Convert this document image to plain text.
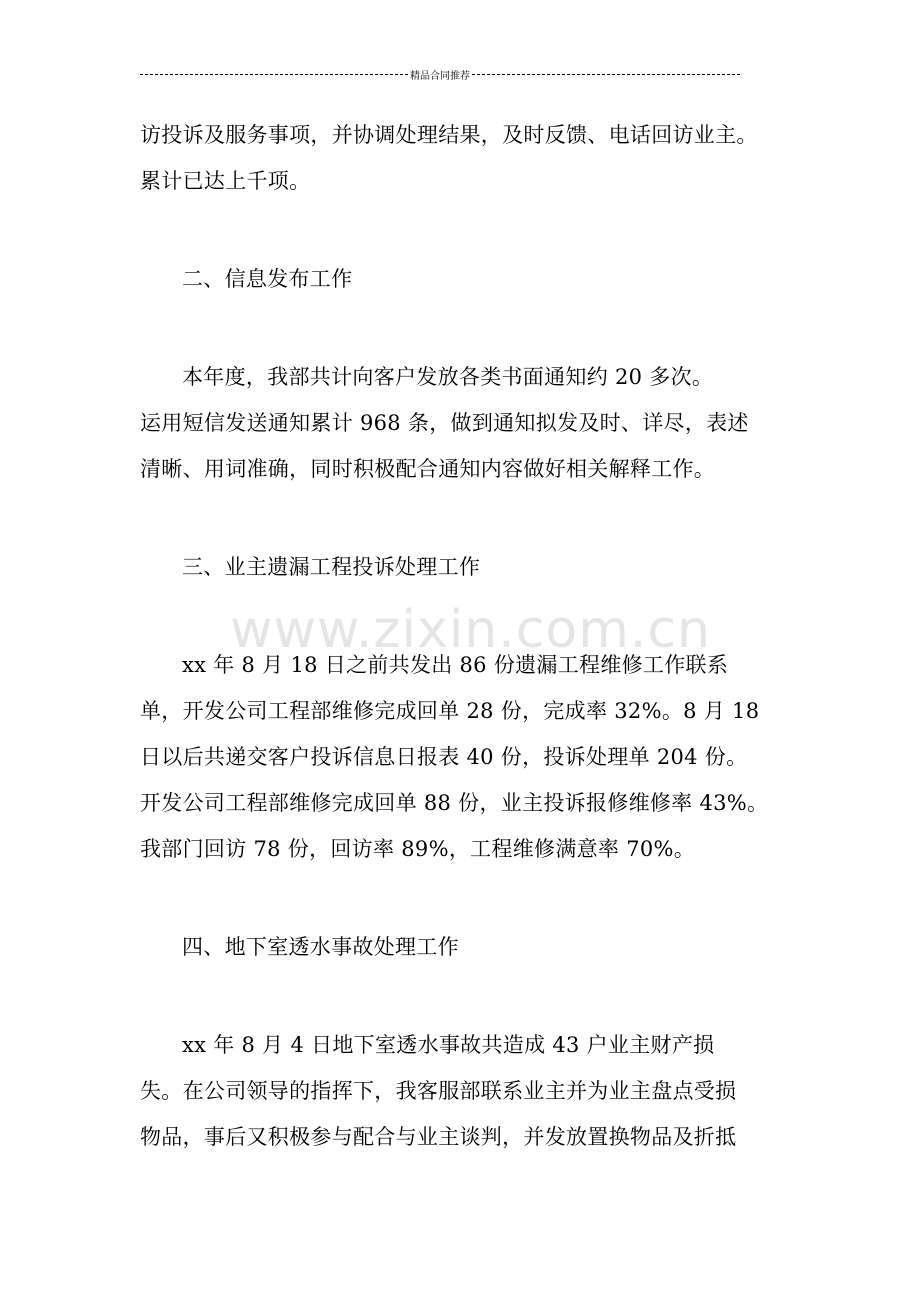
精品合同推荐
www.zixin.com.cn

访投诉及服务事项，并协调处理结果，及时反馈、电话回访业主。

累计已达上千项。

二、信息发布工作

本年度，我部共计向客户发放各类书面通知约 20 多次。

运用短信发送通知累计 968 条，做到通知拟发及时、详尽，表述

清晰、用词准确，同时积极配合通知内容做好相关解释工作。

三、业主遗漏工程投诉处理工作

xx 年 8 月 18 日之前共发出 86 份遗漏工程维修工作联系

单，开发公司工程部维修完成回单 28 份，完成率 32%。8 月 18

日以后共递交客户投诉信息日报表 40 份，投诉处理单 204 份。

开发公司工程部维修完成回单 88 份，业主投诉报修维修率 43%。

我部门回访 78 份，回访率 89%，工程维修满意率 70%。

四、地下室透水事故处理工作

xx 年 8 月 4 日地下室透水事故共造成 43 户业主财产损

失。在公司领导的指挥下，我客服部联系业主并为业主盘点受损

物品，事后又积极参与配合与业主谈判，并发放置换物品及折抵
